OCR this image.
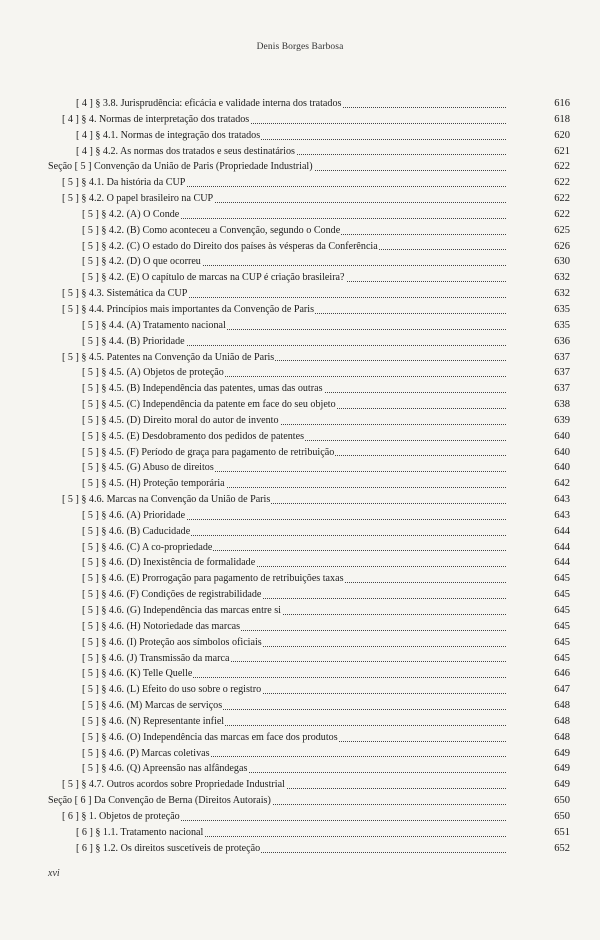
Denis Borges Barbosa
[ 4 ] § 3.8. Jurisprudência: eficácia e validade interna dos tratados	616
[ 4 ] § 4. Normas de interpretação dos tratados	618
[ 4 ] § 4.1. Normas de integração dos tratados	620
[ 4 ] § 4.2. As normas dos tratados e seus destinatários	621
Seção [ 5 ] Convenção da União de Paris (Propriedade Industrial)	622
[ 5 ] § 4.1. Da história da CUP	622
[ 5 ] § 4.2. O papel brasileiro na CUP	622
[ 5 ] § 4.2. (A) O Conde	622
[ 5 ] § 4.2. (B) Como aconteceu a Convenção, segundo o Conde	625
[ 5 ] § 4.2. (C) O estado do Direito dos países às vésperas da Conferência	626
[ 5 ] § 4.2. (D) O que ocorreu	630
[ 5 ] § 4.2. (E) O capítulo de marcas na CUP é criação brasileira?	632
[ 5 ] § 4.3. Sistemática da CUP	632
[ 5 ] § 4.4. Princípios mais importantes da Convenção de Paris	635
[ 5 ] § 4.4. (A) Tratamento nacional	635
[ 5 ] § 4.4. (B) Prioridade	636
[ 5 ] § 4.5. Patentes na Convenção da União de Paris	637
[ 5 ] § 4.5. (A) Objetos de proteção	637
[ 5 ] § 4.5. (B) Independência das patentes, umas das outras	637
[ 5 ] § 4.5. (C) Independência da patente em face do seu objeto	638
[ 5 ] § 4.5. (D) Direito moral do autor de invento	639
[ 5 ] § 4.5. (E) Desdobramento dos pedidos de patentes	640
[ 5 ] § 4.5. (F) Período de graça para pagamento de retribuição	640
[ 5 ] § 4.5. (G) Abuso de direitos	640
[ 5 ] § 4.5. (H) Proteção temporária	642
[ 5 ] § 4.6. Marcas na Convenção da União de Paris	643
[ 5 ] § 4.6. (A) Prioridade	643
[ 5 ] § 4.6. (B) Caducidade	644
[ 5 ] § 4.6. (C) A co-propriedade	644
[ 5 ] § 4.6. (D) Inexistência de formalidade	644
[ 5 ] § 4.6. (E) Prorrogação para pagamento de retribuições taxas	645
[ 5 ] § 4.6. (F) Condições de registrabilidade	645
[ 5 ] § 4.6. (G) Independência das marcas entre si	645
[ 5 ] § 4.6. (H) Notoriedade das marcas	645
[ 5 ] § 4.6. (I) Proteção aos símbolos oficiais	645
[ 5 ] § 4.6. (J) Transmissão da marca	645
[ 5 ] § 4.6. (K) Telle Quelle	646
[ 5 ] § 4.6. (L) Efeito do uso sobre o registro	647
[ 5 ] § 4.6. (M) Marcas de serviços	648
[ 5 ] § 4.6. (N) Representante infiel	648
[ 5 ] § 4.6. (O) Independência das marcas em face dos produtos	648
[ 5 ] § 4.6. (P) Marcas coletivas	649
[ 5 ] § 4.6. (Q) Apreensão nas alfândegas	649
[ 5 ] § 4.7. Outros acordos sobre Propriedade Industrial	649
Seção [ 6 ] Da Convenção de Berna (Direitos Autorais)	650
[ 6 ] § 1. Objetos de proteção	650
[ 6 ] § 1.1. Tratamento nacional	651
[ 6 ] § 1.2. Os direitos suscetíveis de proteção	652
xvi
